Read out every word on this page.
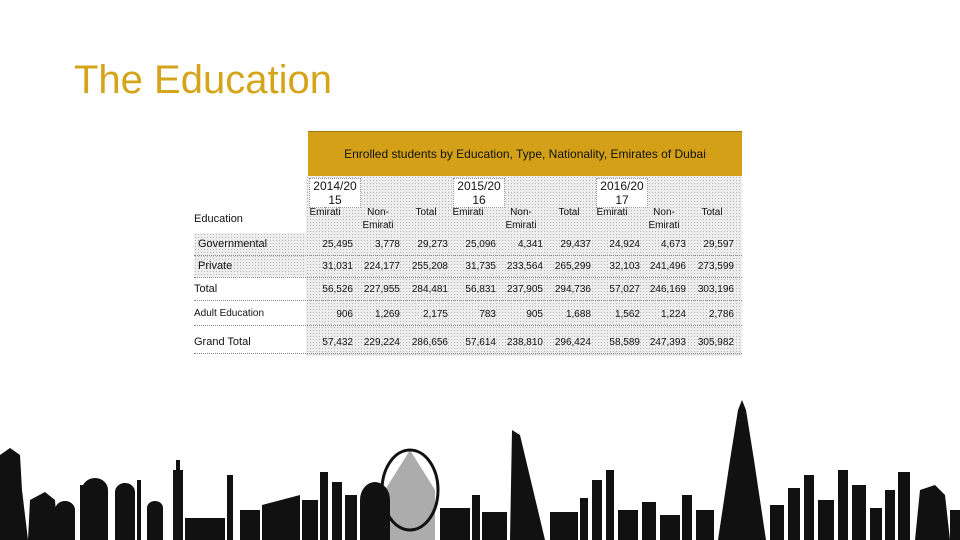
The Education
Enrolled students by Education, Type, Nationality, Emirates of Dubai
2014/20 15
2015/20 16
2016/20 17
Education
Emirati	Non-Emirati
Total	Emirati	Non-Emirati
Total	Emirati	Non-Emirati
Total
Governmental	25,495	3,778	29,273	25,096	4,341	29,437	24,924	4,673	29,597
Private	31,031	224,177	255,208	31,735	233,564	265,299	32,103 241,496	273,599
Total	56,526	227,955	284,481	56,831	237,905	294,736	57,027 246,169	303,196
Adult Education	906	1,269	2,175	783	905	1,688	1,562	1,224	2,786
Grand Total	57,432	229,224	286,656	57,614	238,810	296,424	58,589 247,393	305,982
